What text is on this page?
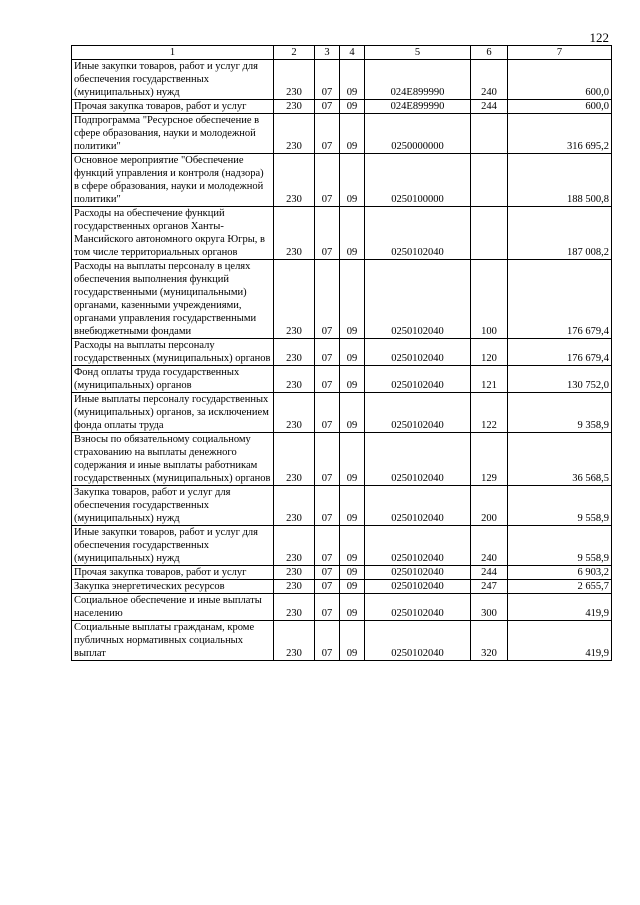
122
1	2	3	4	5	6	7
Иные закупки товаров, работ и услуг для обеспечения государственных (муниципальных) нужд	230	07	09	024E899990	240	600,0
Прочая закупка товаров, работ и услуг	230	07	09	024E899990	244	600,0
Подпрограмма "Ресурсное обеспечение в сфере образования, науки и молодежной политики"	230	07	09	0250000000		316 695,2
Основное мероприятие "Обеспечение функций управления и контроля (надзора) в сфере образования, науки и молодежной политики"	230	07	09	0250100000		188 500,8
Расходы на обеспечение функций государственных органов Ханты-Мансийского автономного округа Югры, в том числе территориальных органов	230	07	09	0250102040		187 008,2
Расходы на выплаты персоналу в целях обеспечения выполнения функций государственными (муниципальными) органами, казенными учреждениями, органами управления государственными внебюджетными фондами	230	07	09	0250102040	100	176 679,4
Расходы на выплаты персоналу государственных (муниципальных) органов	230	07	09	0250102040	120	176 679,4
Фонд оплаты труда государственных (муниципальных) органов	230	07	09	0250102040	121	130 752,0
Иные выплаты персоналу государственных (муниципальных) органов, за исключением фонда оплаты труда	230	07	09	0250102040	122	9 358,9
Взносы по обязательному социальному страхованию на выплаты денежного содержания и иные выплаты работникам государственных (муниципальных) органов	230	07	09	0250102040	129	36 568,5
Закупка товаров, работ и услуг для обеспечения государственных (муниципальных) нужд	230	07	09	0250102040	200	9 558,9
Иные закупки товаров, работ и услуг для обеспечения государственных (муниципальных) нужд	230	07	09	0250102040	240	9 558,9
Прочая закупка товаров, работ и услуг	230	07	09	0250102040	244	6 903,2
Закупка энергетических ресурсов	230	07	09	0250102040	247	2 655,7
Социальное обеспечение и иные выплаты населению	230	07	09	0250102040	300	419,9
Социальные выплаты гражданам, кроме публичных нормативных социальных выплат	230	07	09	0250102040	320	419,9
